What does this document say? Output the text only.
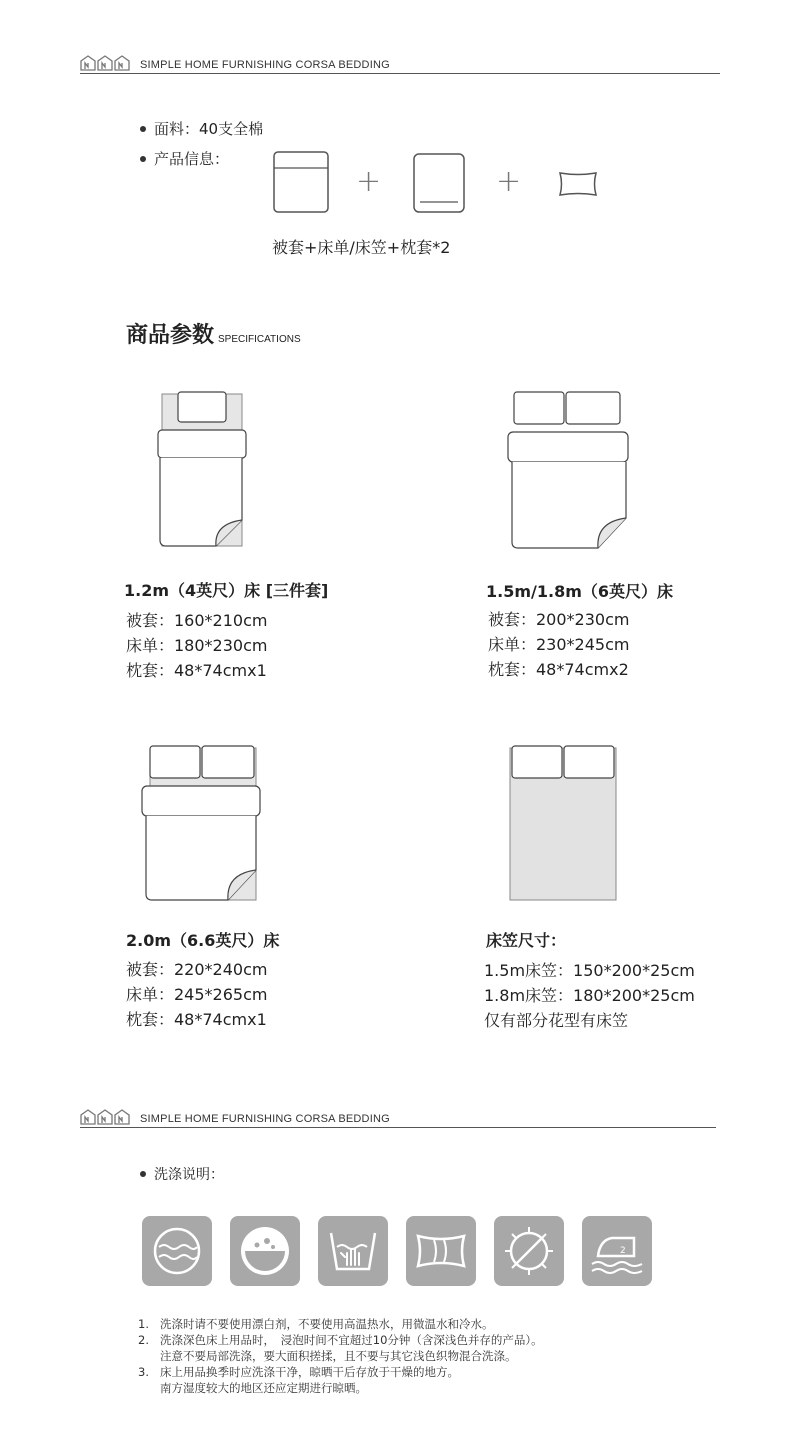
SIMPLE HOME FURNISHING CORSA BEDDING
面料：40支全棉
产品信息：
+	+
被套+床单/床笠+枕套*2
商品参数 SPECIFICATIONS
1.2m（4英尺）床 [三件套]
被套：160*210cm
床单：180*230cm
枕套：48*74cmx1
1.5m/1.8m（6英尺）床
被套：200*230cm
床单：230*245cm
枕套：48*74cmx2
2.0m（6.6英尺）床
被套：220*240cm
床单：245*265cm
枕套：48*74cmx1
床笠尺寸：
1.5m床笠：150*200*25cm
1.8m床笠：180*200*25cm
仅有部分花型有床笠
SIMPLE HOME FURNISHING CORSA BEDDING
洗涤说明：
2
1. 洗涤时请不要使用漂白剂，不要使用高温热水，用微温水和冷水。
2. 洗涤深色床上用品时，　浸泡时间不宜超过10分钟（含深浅色并存的产品）。
注意不要局部洗涤，要大面积搓揉，且不要与其它浅色织物混合洗涤。
3. 床上用品换季时应洗涤干净，晾晒干后存放于干燥的地方。
南方湿度较大的地区还应定期进行晾晒。
